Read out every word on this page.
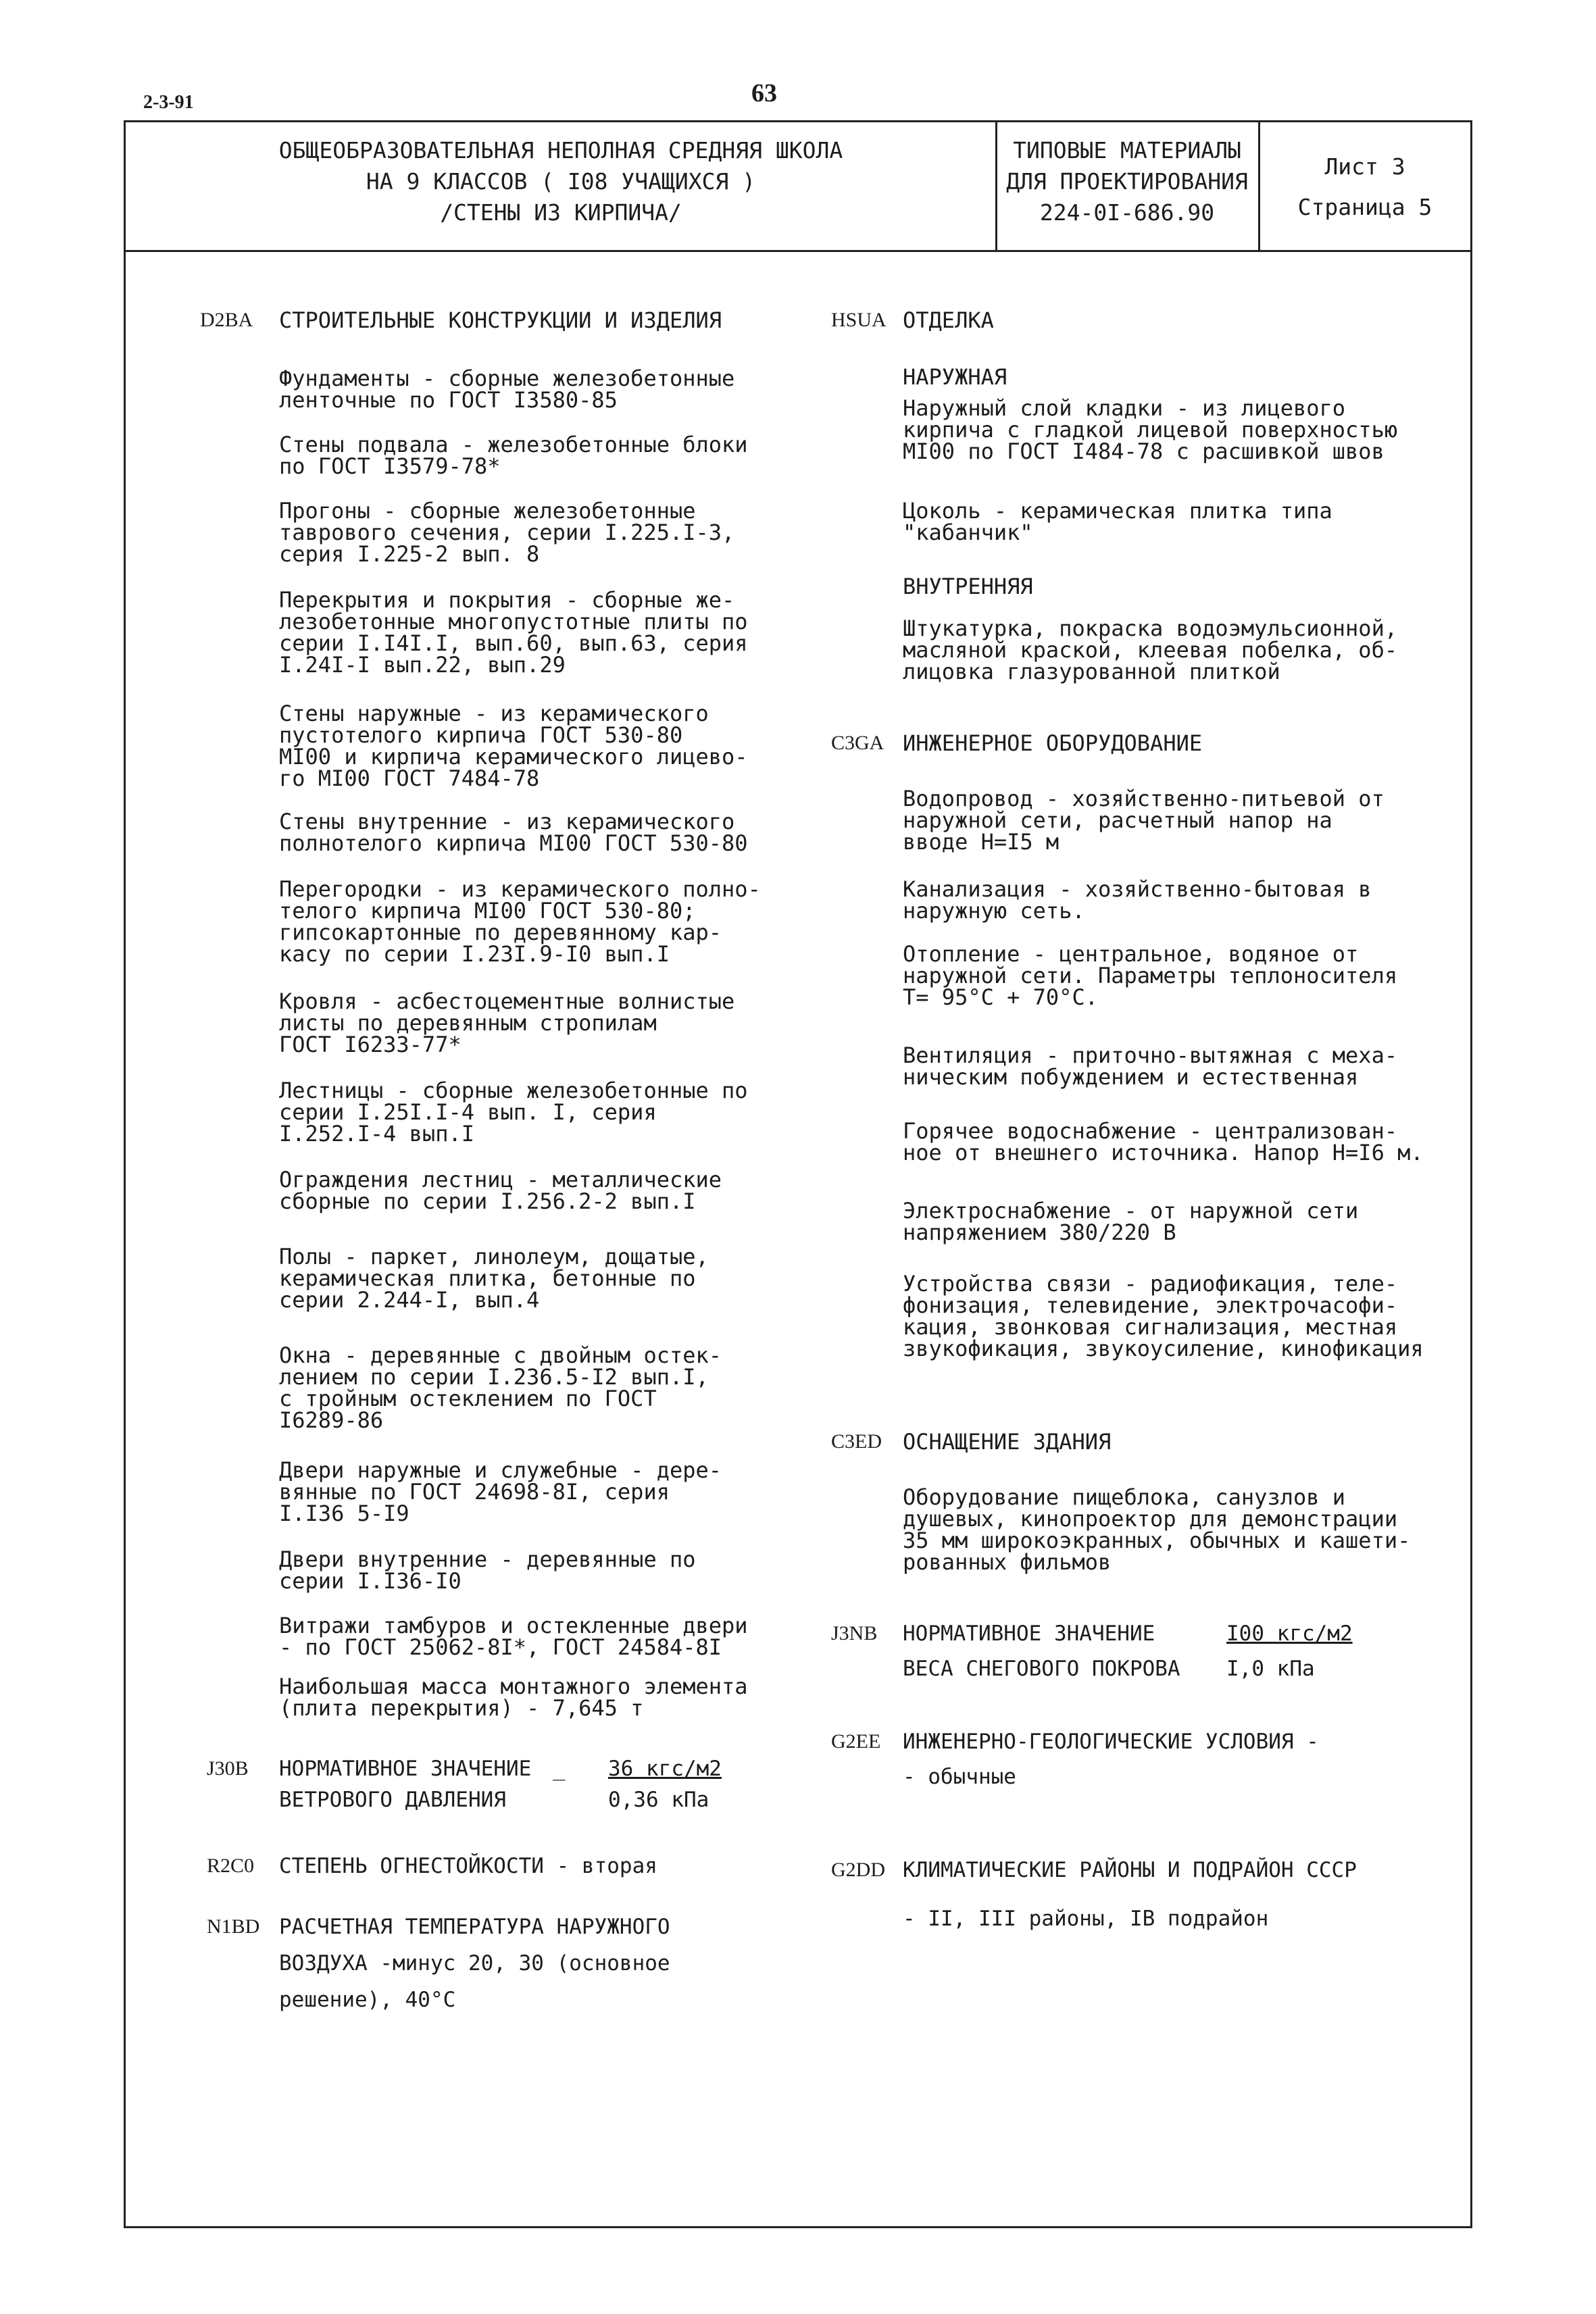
2-3-91	63
ОБЩЕОБРАЗОВАТЕЛЬНАЯ НЕПОЛНАЯ СРЕДНЯЯ ШКОЛА
НА 9 КЛАССОВ ( I08 УЧАЩИХСЯ )
/СТЕНЫ ИЗ КИРПИЧА/
ТИПОВЫЕ МАТЕРИАЛЫ
ДЛЯ ПРОЕКТИРОВАНИЯ
224-0I-686.90
Лист 3
Страница 5
D2BA СТРОИТЕЛЬНЫЕ КОНСТРУКЦИИ И ИЗДЕЛИЯ
Фундаменты - сборные железобетонные
ленточные по ГОСТ I3580-85
Стены подвала - железобетонные блоки
по ГОСТ I3579-78*
Прогоны - сборные железобетонные
таврового сечения, серии I.225.I-3,
серия I.225-2 вып. 8
Перекрытия и покрытия - сборные же-
лезобетонные многопустотные плиты по
серии I.I4I.I, вып.60, вып.63, серия
I.24I-I вып.22, вып.29
Стены наружные - из керамического
пустотелого кирпича ГОСТ 530-80
МI00 и кирпича керамического лицево-
го МI00 ГОСТ 7484-78
Стены внутренние - из керамического
полнотелого кирпича МI00 ГОСТ 530-80
Перегородки - из керамического полно-
телого кирпича МI00 ГОСТ 530-80;
гипсокартонные по деревянному кар-
касу по серии I.23I.9-I0 вып.I
Кровля - асбестоцементные волнистые
листы по деревянным стропилам
ГОСТ I6233-77*
Лестницы - сборные железобетонные по
серии I.25I.I-4 вып. I, серия
I.252.I-4 вып.I
Ограждения лестниц - металлические
сборные по серии I.256.2-2 вып.I
Полы - паркет, линолеум, дощатые,
керамическая плитка, бетонные по
серии 2.244-I, вып.4
Окна - деревянные с двойным остек-
лением по серии I.236.5-I2 вып.I,
с тройным остеклением по ГОСТ
I6289-86
Двери наружные и служебные - дере-
вянные по ГОСТ 24698-8I, серия
I.I36 5-I9
Двери внутренние - деревянные по
серии I.I36-I0
Витражи тамбуров и остекленные двери
- по ГОСТ 25062-8I*, ГОСТ 24584-8I
Наибольшая масса монтажного элемента
(плита перекрытия) - 7,645 т
J30B НОРМАТИВНОЕ ЗНАЧЕНИЕ _ 36 кгс/м2
ВЕТРОВОГО ДАВЛЕНИЯ	0,36 кПа
R2C0 СТЕПЕНЬ ОГНЕСТОЙКОСТИ - вторая
N1BD РАСЧЕТНАЯ ТЕМПЕРАТУРА НАРУЖНОГО
ВОЗДУХА -минус 20, 30 (основное
решение), 40°С
HSUA ОТДЕЛКА
НАРУЖНАЯ
Наружный слой кладки - из лицевого
кирпича с гладкой лицевой поверхностью
МI00 по ГОСТ I484-78 с расшивкой швов
Цоколь - керамическая плитка типа
"кабанчик"
ВНУТРЕННЯЯ
Штукатурка, покраска водоэмульсионной,
масляной краской, клеевая побелка, об-
лицовка глазурованной плиткой
C3GA ИНЖЕНЕРНОЕ ОБОРУДОВАНИЕ
Водопровод - хозяйственно-питьевой от
наружной сети, расчетный напор на
вводе Н=I5 м
Канализация - хозяйственно-бытовая в
наружную сеть.
Отопление - центральное, водяное от
наружной сети. Параметры теплоносителя
Т= 95°С + 70°С.
Вентиляция - приточно-вытяжная с меха-
ническим побуждением и естественная
Горячее водоснабжение - централизован-
ное от внешнего источника. Напор Н=I6 м.
Электроснабжение - от наружной сети
напряжением 380/220 В
Устройства связи - радиофикация, теле-
фонизация, телевидение, электрочасофи-
кация, звонковая сигнализация, местная
звукофикация, звукоусиление, кинофикация
C3ED ОСНАЩЕНИЕ ЗДАНИЯ
Оборудование пищеблока, санузлов и
душевых, кинопроектор для демонстрации
35 мм широкоэкранных, обычных и кашети-
рованных фильмов
J3NB НОРМАТИВНОЕ ЗНАЧЕНИЕ	I00 кгс/м2
ВЕСА СНЕГОВОГО ПОКРОВА I,0 кПа
G2EE ИНЖЕНЕРНО-ГЕОЛОГИЧЕСКИЕ УСЛОВИЯ -
- обычные
G2DD КЛИМАТИЧЕСКИЕ РАЙОНЫ И ПОДРАЙОН СССР
- II, III районы, IВ подрайон
